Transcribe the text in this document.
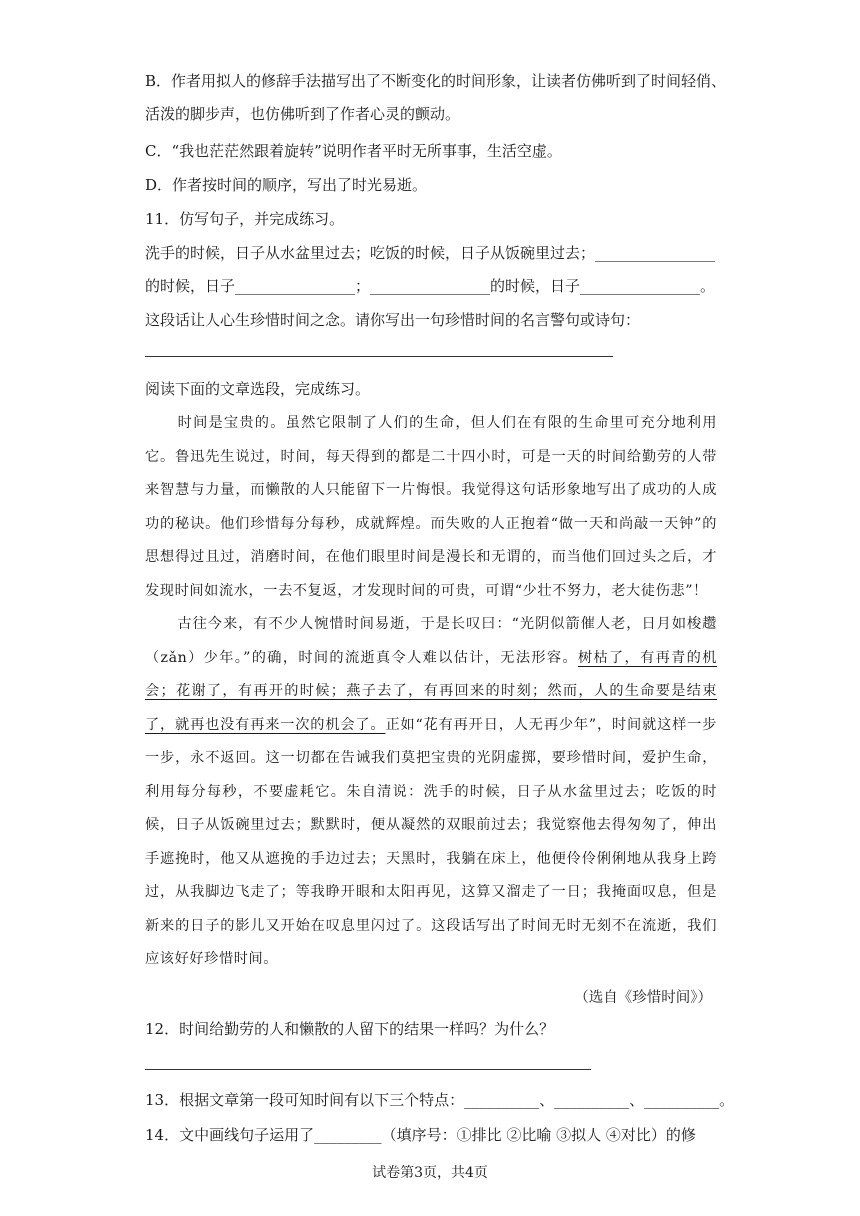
B．作者用拟人的修辞手法描写出了不断变化的时间形象，让读者仿佛听到了时间轻俏、
活泼的脚步声，也仿佛听到了作者心灵的颤动。
C．“我也茫茫然跟着旋转”说明作者平时无所事事，生活空虚。
D．作者按时间的顺序，写出了时光易逝。
11．仿写句子，并完成练习。
洗手的时候，日子从水盆里过去；吃饭的时候，日子从饭碗里过去；________________
的时候，日子________________；________________的时候，日子________________。
这段话让人心生珍惜时间之念。请你写出一句珍惜时间的名言警句或诗句：
阅读下面的文章选段，完成练习。
时间是宝贵的。虽然它限制了人们的生命，但人们在有限的生命里可充分地利用它。鲁迅先生说过，时间，每天得到的都是二十四小时，可是一天的时间给勤劳的人带来智慧与力量，而懒散的人只能留下一片悔恨。我觉得这句话形象地写出了成功的人成功的秘诀。他们珍惜每分每秒，成就辉煌。而失败的人正抱着“做一天和尚敲一天钟”的思想得过且过，消磨时间，在他们眼里时间是漫长和无谓的，而当他们回过头之后，才发现时间如流水，一去不复返，才发现时间的可贵，可谓“少壮不努力，老大徒伤悲”！
古往今来，有不少人惋惜时间易逝，于是长叹曰：“光阴似箭催人老，日月如梭趱（zǎn）少年。”的确，时间的流逝真令人难以估计，无法形容。树枯了，有再青的机会；花谢了，有再开的时候；燕子去了，有再回来的时刻；然而，人的生命要是结束了，就再也没有再来一次的机会了。正如“花有再开日，人无再少年”，时间就这样一步一步，永不返回。这一切都在告诫我们莫把宝贵的光阴虚掷，要珍惜时间，爱护生命，利用每分每秒，不要虚耗它。朱自清说：洗手的时候，日子从水盆里过去；吃饭的时候，日子从饭碗里过去；默默时，便从凝然的双眼前过去；我觉察他去得匆匆了，伸出手遮挽时，他又从遮挽的手边过去；天黑时，我躺在床上，他便伶伶俐俐地从我身上跨过，从我脚边飞走了；等我睁开眼和太阳再见，这算又溜走了一日；我掩面叹息，但是新来的日子的影儿又开始在叹息里闪过了。这段话写出了时间无时无刻不在流逝，我们应该好好珍惜时间。
（选自《珍惜时间》）
12．时间给勤劳的人和懒散的人留下的结果一样吗？为什么？
13．根据文章第一段可知时间有以下三个特点：__________、__________、__________。
14．文中画线句子运用了_________（填序号：①排比 ②比喻 ③拟人 ④对比）的修
试卷第3页，共4页
